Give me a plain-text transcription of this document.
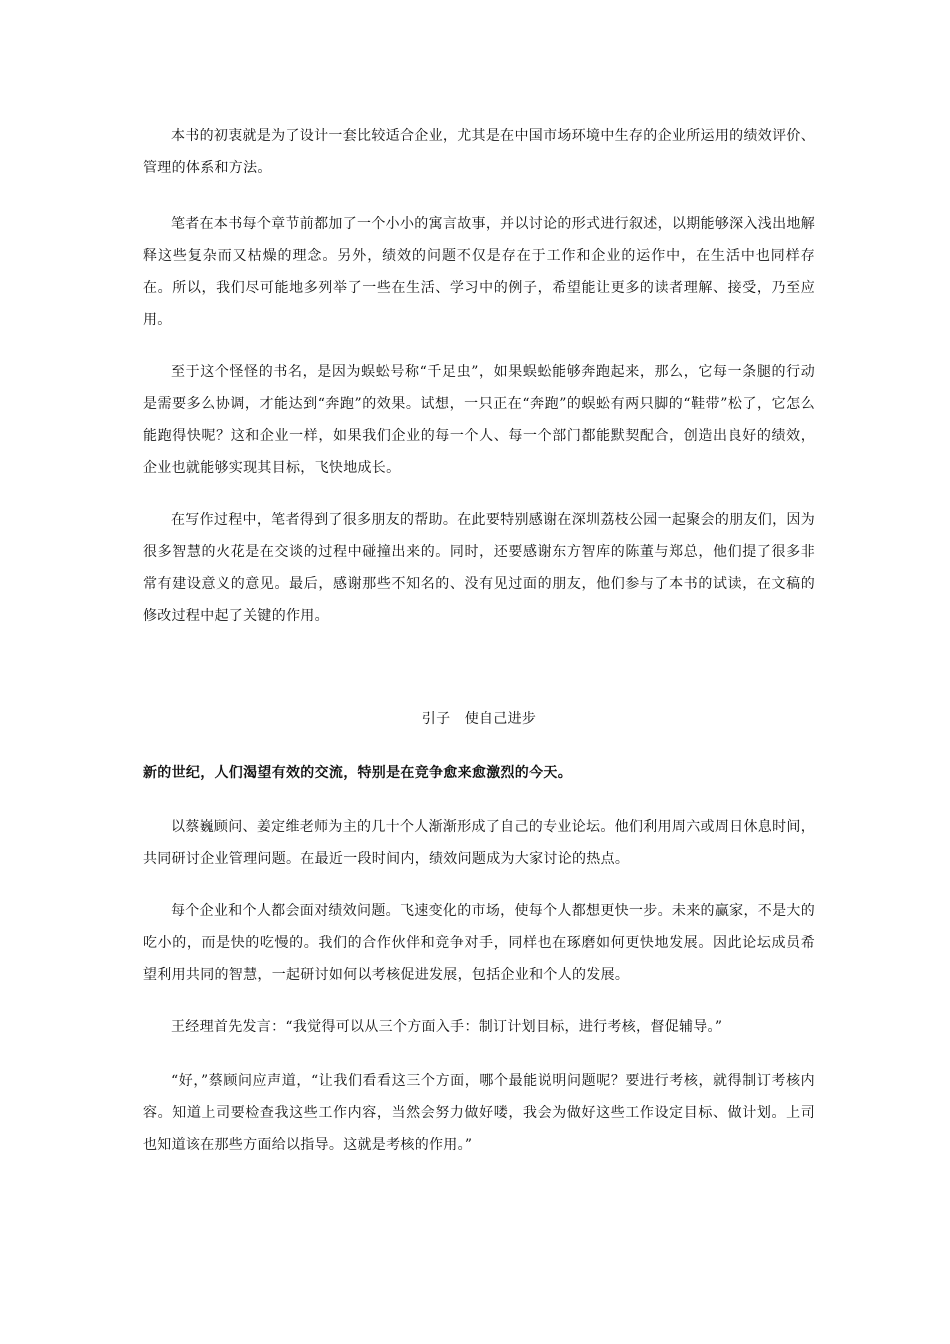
本书的初衷就是为了设计一套比较适合企业，尤其是在中国市场环境中生存的企业所运用的绩效评价、管理的体系和方法。

笔者在本书每个章节前都加了一个小小的寓言故事，并以讨论的形式进行叙述，以期能够深入浅出地解释这些复杂而又枯燥的理念。另外，绩效的问题不仅是存在于工作和企业的运作中，在生活中也同样存在。所以，我们尽可能地多列举了一些在生活、学习中的例子，希望能让更多的读者理解、接受，乃至应用。

至于这个怪怪的书名，是因为蜈蚣号称“千足虫”，如果蜈蚣能够奔跑起来，那么，它每一条腿的行动是需要多么协调，才能达到“奔跑”的效果。试想，一只正在“奔跑”的蜈蚣有两只脚的“鞋带”松了，它怎么能跑得快呢？这和企业一样，如果我们企业的每一个人、每一个部门都能默契配合，创造出良好的绩效，企业也就能够实现其目标，飞快地成长。

在写作过程中，笔者得到了很多朋友的帮助。在此要特别感谢在深圳荔枝公园一起聚会的朋友们，因为很多智慧的火花是在交谈的过程中碰撞出来的。同时，还要感谢东方智库的陈董与郑总，他们提了很多非常有建设意义的意见。最后，感谢那些不知名的、没有见过面的朋友，他们参与了本书的试读，在文稿的修改过程中起了关键的作用。

引子　使自己进步

新的世纪，人们渴望有效的交流，特别是在竞争愈来愈激烈的今天。

以蔡巍顾问、姜定维老师为主的几十个人渐渐形成了自己的专业论坛。他们利用周六或周日休息时间，共同研讨企业管理问题。在最近一段时间内，绩效问题成为大家讨论的热点。

每个企业和个人都会面对绩效问题。飞速变化的市场，使每个人都想更快一步。未来的赢家，不是大的吃小的，而是快的吃慢的。我们的合作伙伴和竞争对手，同样也在琢磨如何更快地发展。因此论坛成员希望利用共同的智慧，一起研讨如何以考核促进发展，包括企业和个人的发展。

王经理首先发言：“我觉得可以从三个方面入手：制订计划目标，进行考核，督促辅导。”

“好，”蔡顾问应声道，“让我们看看这三个方面，哪个最能说明问题呢？要进行考核，就得制订考核内容。知道上司要检查我这些工作内容，当然会努力做好喽，我会为做好这些工作设定目标、做计划。上司也知道该在那些方面给以指导。这就是考核的作用。”
